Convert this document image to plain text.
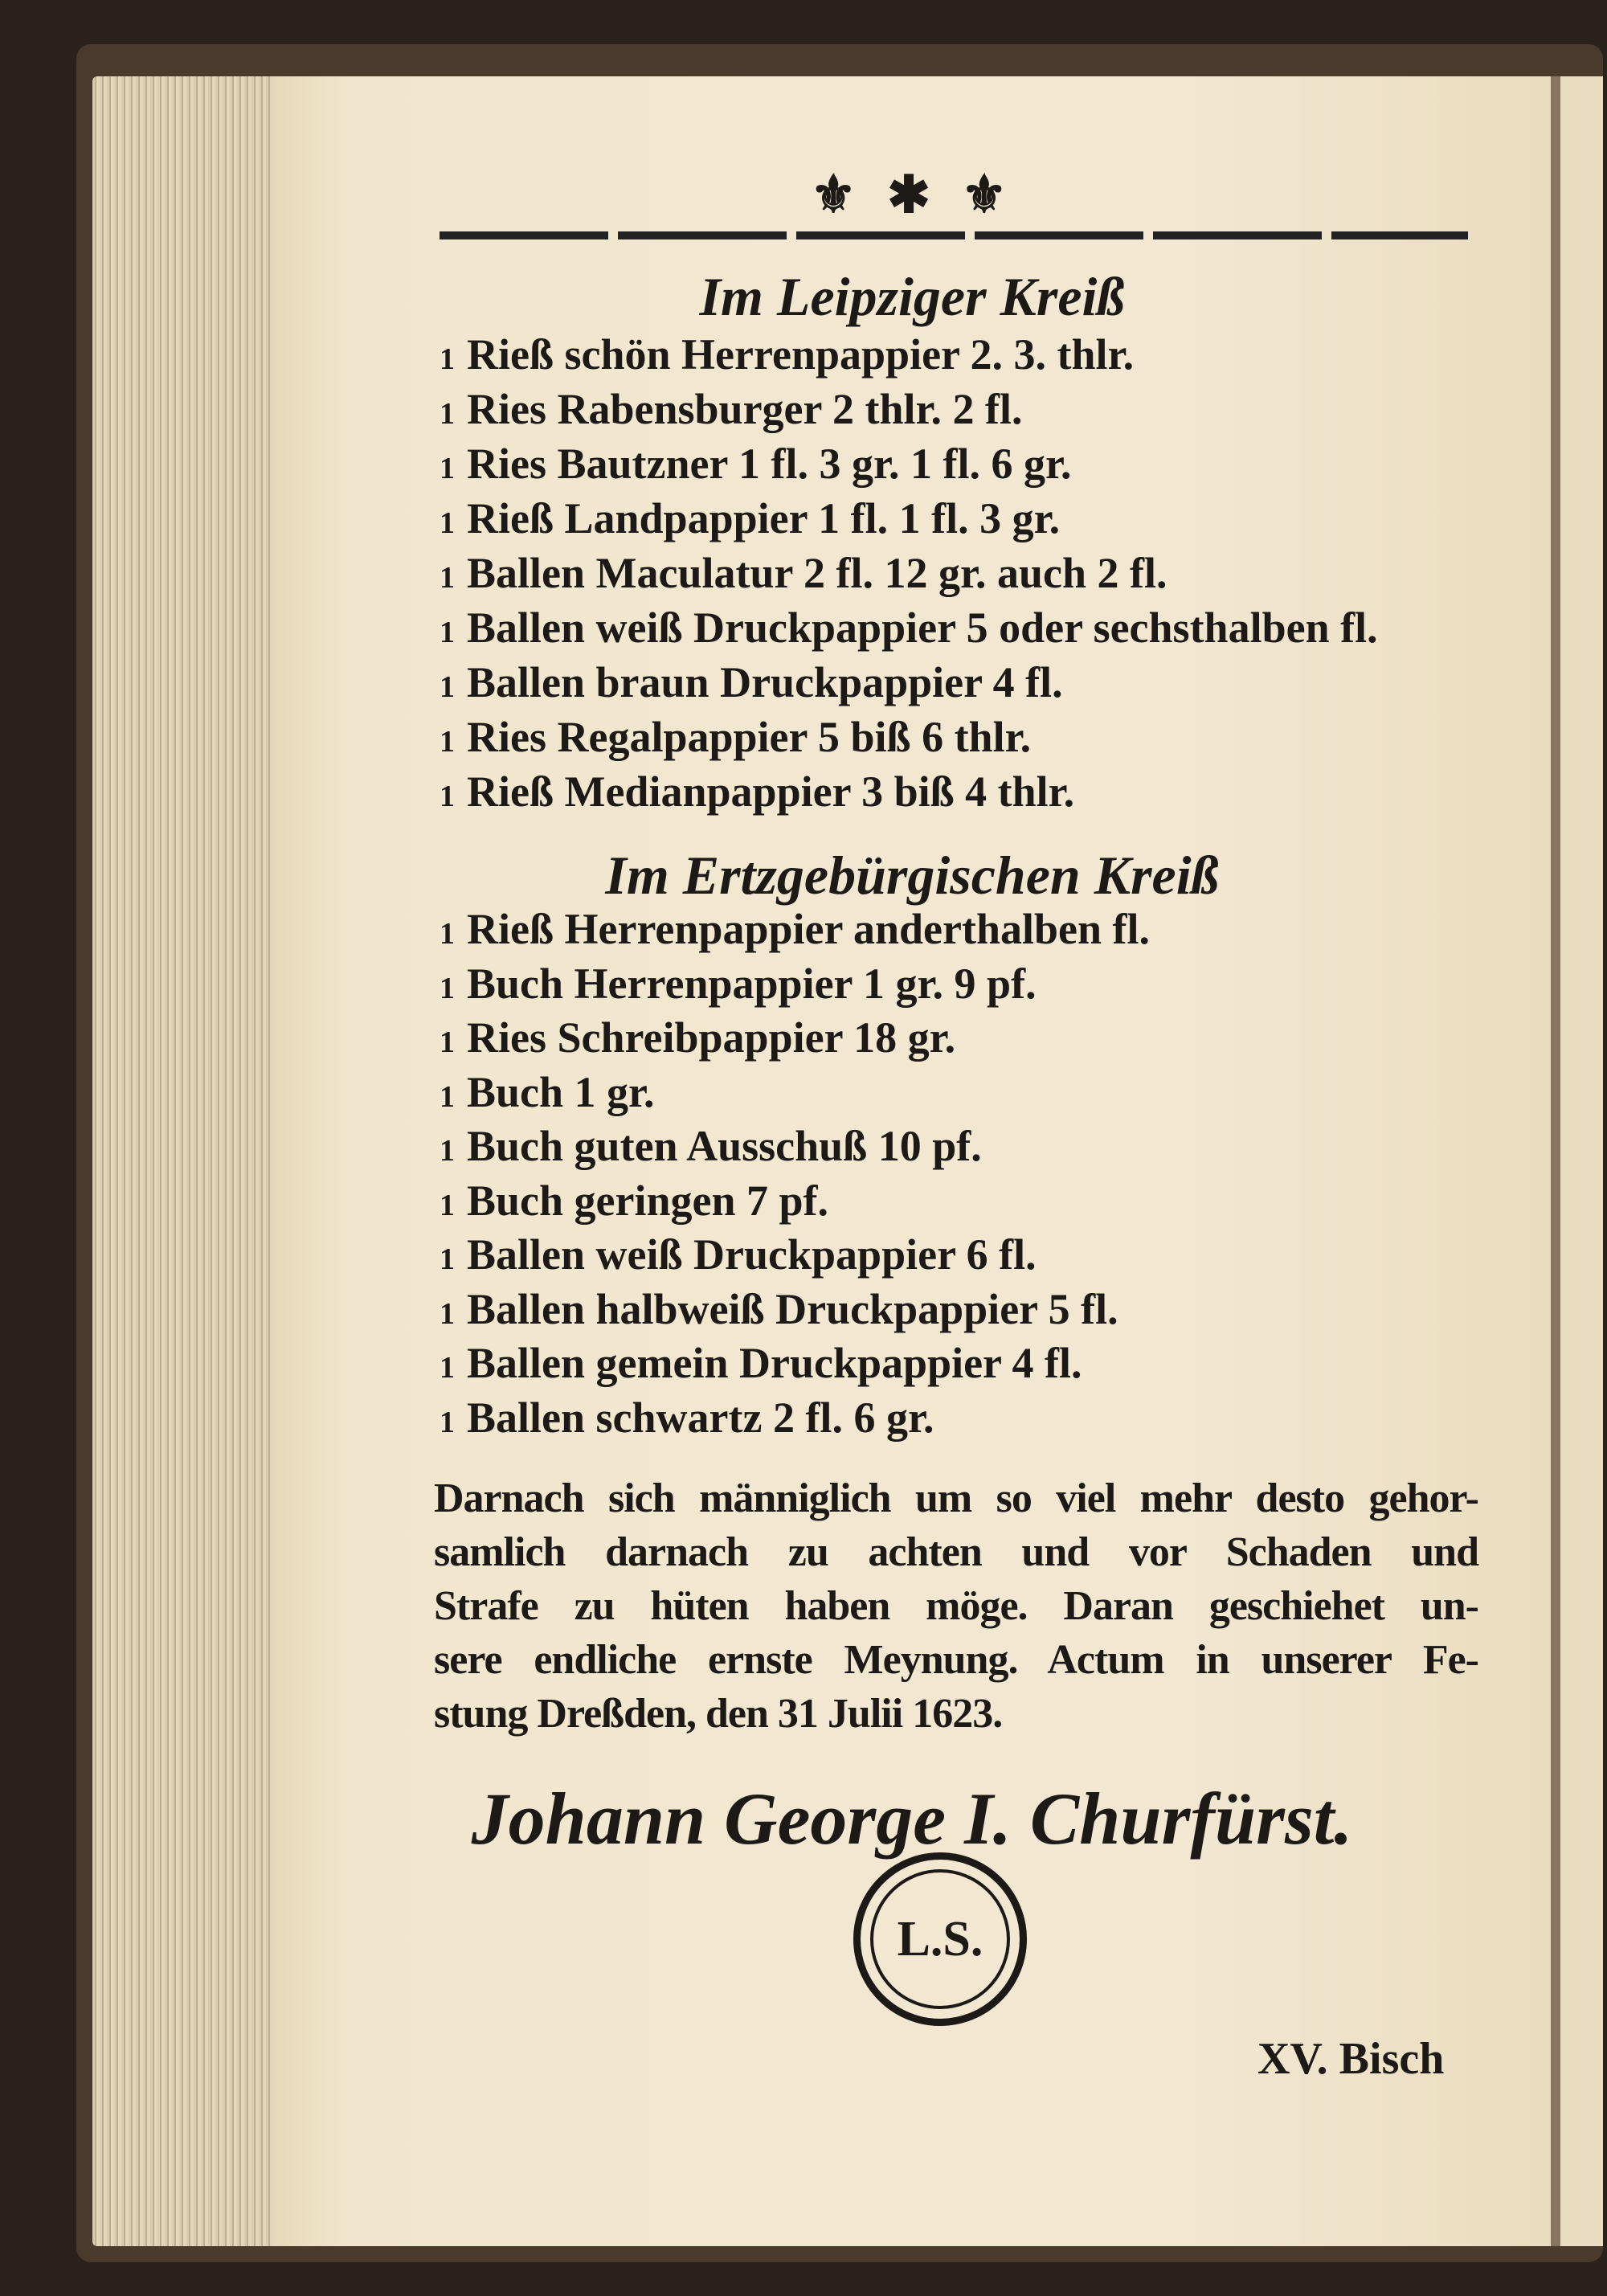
⚜ ✱ ⚜
Im Leipziger Kreiß
1 Rieß schön Herrenpappier 2. 3. thlr.
1 Ries Rabensburger 2 thlr. 2 fl.
1 Ries Bautzner 1 fl. 3 gr. 1 fl. 6 gr.
1 Rieß Landpappier 1 fl. 1 fl. 3 gr.
1 Ballen Maculatur 2 fl. 12 gr. auch 2 fl.
1 Ballen weiß Druckpappier 5 oder sechsthalben fl.
1 Ballen braun Druckpappier 4 fl.
1 Ries Regalpappier 5 biß 6 thlr.
1 Rieß Medianpappier 3 biß 4 thlr.
Im Ertzgebürgischen Kreiß
1 Rieß Herrenpappier anderthalben fl.
1 Buch Herrenpappier 1 gr. 9 pf.
1 Ries Schreibpappier 18 gr.
1 Buch 1 gr.
1 Buch guten Ausschuß 10 pf.
1 Buch geringen 7 pf.
1 Ballen weiß Druckpappier 6 fl.
1 Ballen halbweiß Druckpappier 5 fl.
1 Ballen gemein Druckpappier 4 fl.
1 Ballen schwartz 2 fl. 6 gr.
Darnach sich männiglich um so viel mehr desto gehor-
samlich darnach zu achten und vor Schaden und
Strafe zu hüten haben möge. Daran geschiehet un-
sere endliche ernste Meynung. Actum in unserer Fe-
stung Dreßden, den 31 Julii 1623.
Johann George I. Churfürst.
L.S.
XV. Bisch
